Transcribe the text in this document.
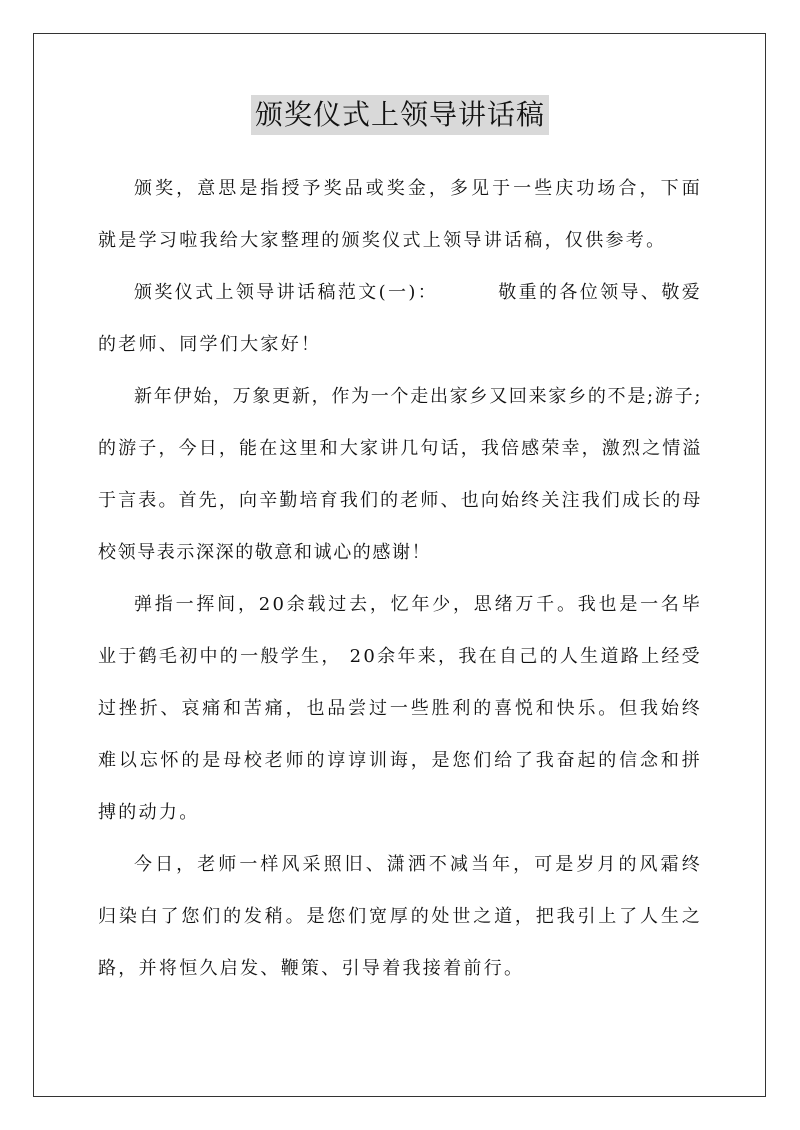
颁奖仪式上领导讲话稿

颁奖，意思是指授予奖品或奖金，多见于一些庆功场合，下面就是学习啦我给大家整理的颁奖仪式上领导讲话稿，仅供参考。

颁奖仪式上领导讲话稿范文(一)：	敬重的各位领导、敬爱的老师、同学们大家好！

新年伊始，万象更新，作为一个走出家乡又回来家乡的不是;游子;的游子，今日，能在这里和大家讲几句话，我倍感荣幸，激烈之情溢于言表。首先，向辛勤培育我们的老师、也向始终关注我们成长的母校领导表示深深的敬意和诚心的感谢！

弹指一挥间，20余载过去，忆年少，思绪万千。我也是一名毕业于鹤毛初中的一般学生， 20余年来，我在自己的人生道路上经受过挫折、哀痛和苦痛，也品尝过一些胜利的喜悦和快乐。但我始终难以忘怀的是母校老师的谆谆训诲，是您们给了我奋起的信念和拼搏的动力。

今日，老师一样风采照旧、潇洒不减当年，可是岁月的风霜终归染白了您们的发稍。是您们宽厚的处世之道，把我引上了人生之路，并将恒久启发、鞭策、引导着我接着前行。
